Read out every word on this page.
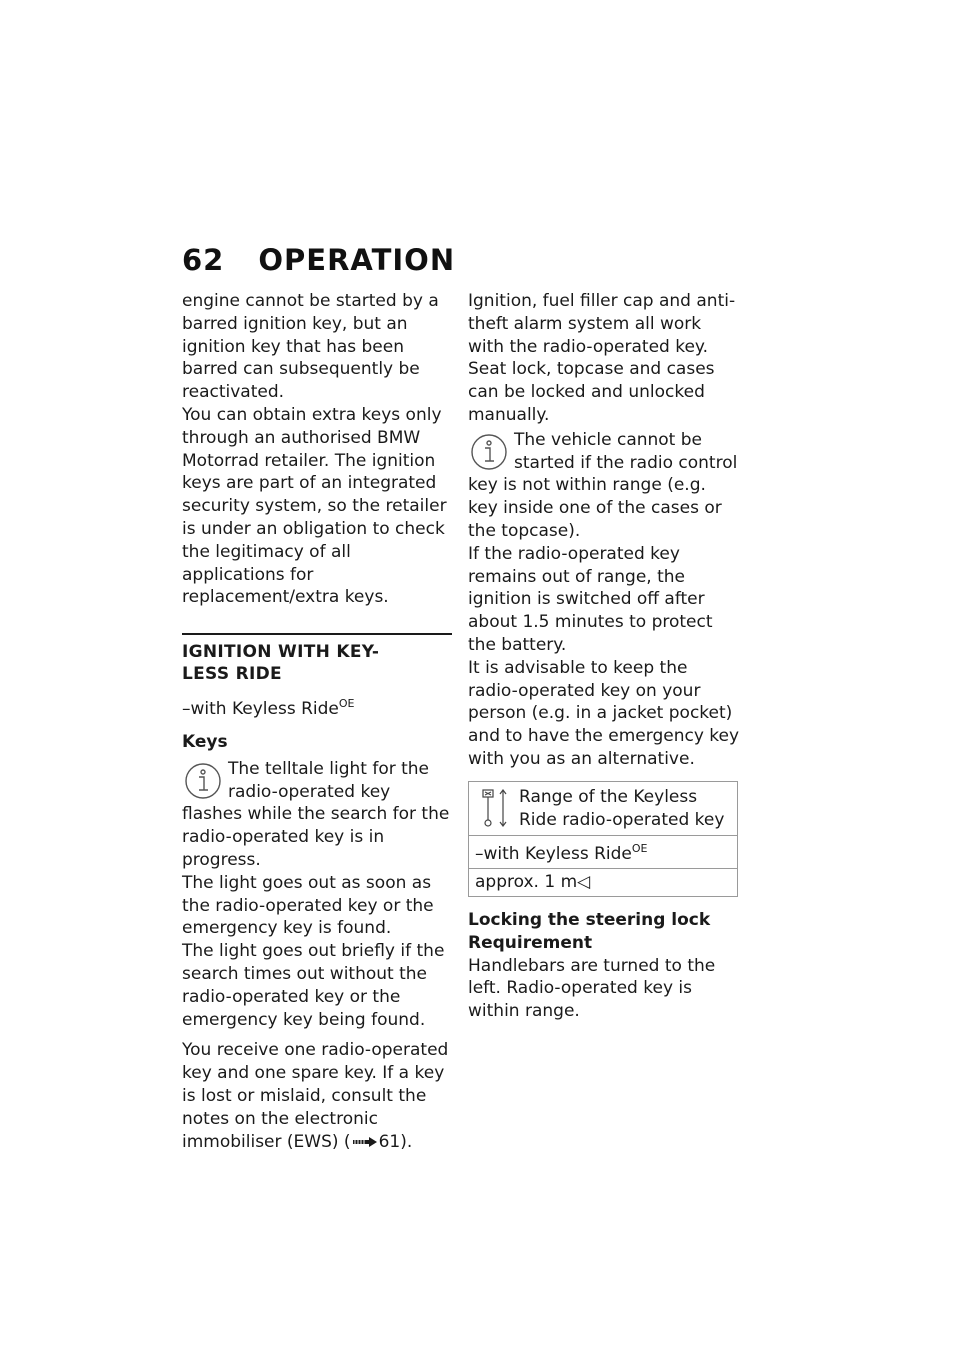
62 OPERATION

engine cannot be started by a barred ignition key, but an ignition key that has been barred can subsequently be reactivated.

You can obtain extra keys only through an authorised BMW Motorrad retailer. The ignition keys are part of an integrated security system, so the retailer is under an obligation to check the legitimacy of all applications for replacement/extra keys.

IGNITION WITH KEY-
LESS RIDE

–with Keyless Ride$^{OE}$

Keys

The telltale light for the radio-operated key flashes while the search for the radio-operated key is in progress.

The light goes out as soon as the radio-operated key or the emergency key is found.

The light goes out briefly if the search times out without the radio-operated key or the emergency key being found.

You receive one radio-operated key and one spare key. If a key is lost or mislaid, consult the notes on the electronic immobiliser (EWS) ( 61).

Ignition, fuel filler cap and anti-theft alarm system all work with the radio-operated key.

Seat lock, topcase and cases can be locked and unlocked manually.

The vehicle cannot be started if the radio control key is not within range (e.g. key inside one of the cases or the topcase).

If the radio-operated key remains out of range, the ignition is switched off after about 1.5 minutes to protect the battery.

It is advisable to keep the radio-operated key on your person (e.g. in a jacket pocket) and to have the emergency key with you as an alternative.

Range of the Keyless Ride radio-operated key
–with Keyless Ride$^{OE}$
approx. 1 m◁

Locking the steering lock

Requirement

Handlebars are turned to the left. Radio-operated key is within range.
